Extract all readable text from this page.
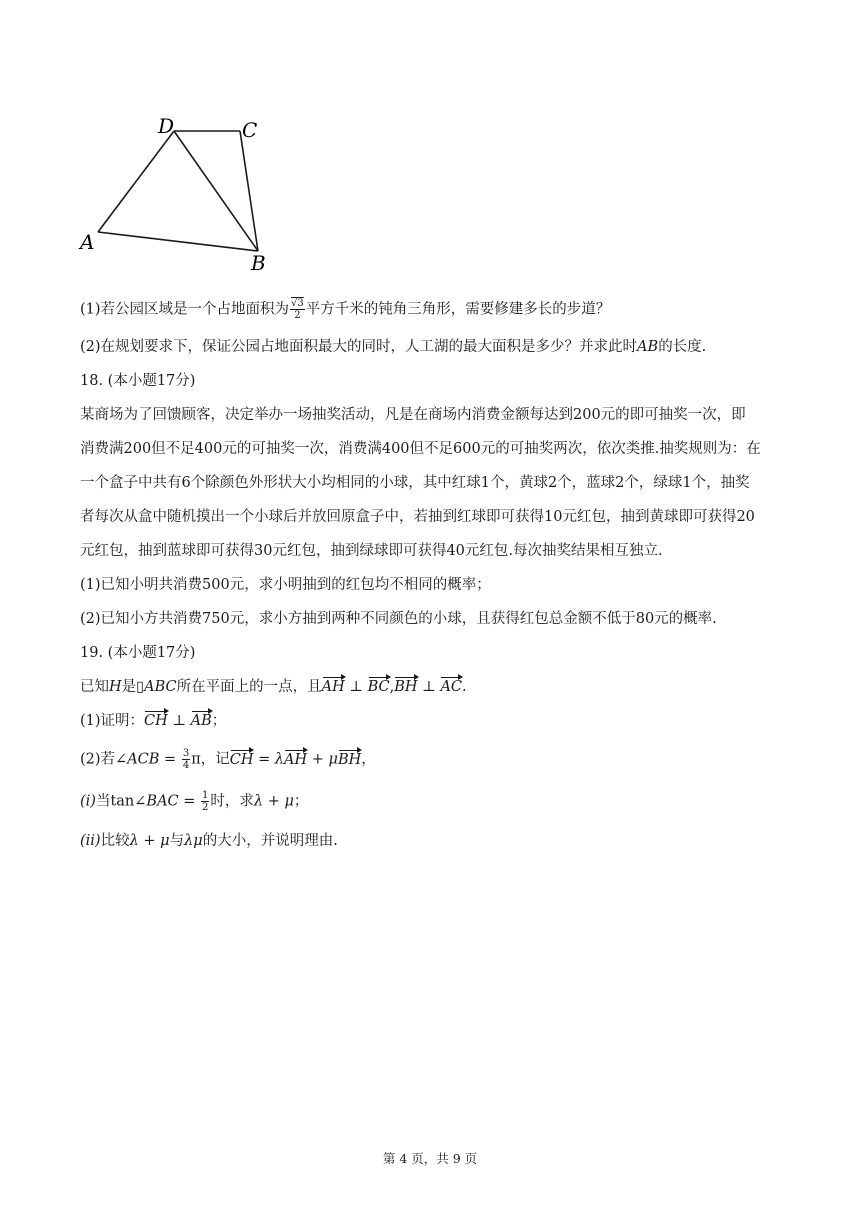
D	C
A
B
(1)若公园区域是一个占地面积为 $\frac{√3}{2}$ 平方千米的钝角三角形，需要修建多长的步道？
(2)在规划要求下，保证公园占地面积最大的同时，人工湖的最大面积是多少？并求此时AB的长度.
18. (本小题17分)
某商场为了回馈顾客，决定举办一场抽奖活动，凡是在商场内消费金额每达到200元的即可抽奖一次，即
消费满200但不足400元的可抽奖一次，消费满400但不足600元的可抽奖两次，依次类推.抽奖规则为：在
一个盒子中共有6个除颜色外形状大小均相同的小球，其中红球1个，黄球2个，蓝球2个，绿球1个，抽奖
者每次从盒中随机摸出一个小球后并放回原盒子中，若抽到红球即可获得10元红包，抽到黄球即可获得20
元红包，抽到蓝球即可获得30元红包，抽到绿球即可获得40元红包.每次抽奖结果相互独立.
(1)已知小明共消费500元，求小明抽到的红包均不相同的概率；
(2)已知小方共消费750元，求小方抽到两种不同颜色的小球，且获得红包总金额不低于80元的概率.
19. (本小题17分)
已知H是▯ABC所在平面上的一点，且AH ⊥ BC,BH ⊥ AC.
(1)证明：CH ⊥ AB；
(2)若∠ACB = $\frac{3}{4}$ π，记CH = λAH + μBH，
(i)当tan∠BAC = $\frac{1}{2}$ 时，求λ + μ；
(ii)比较λ + μ与λμ的大小，并说明理由.
第 4 页，共 9 页
